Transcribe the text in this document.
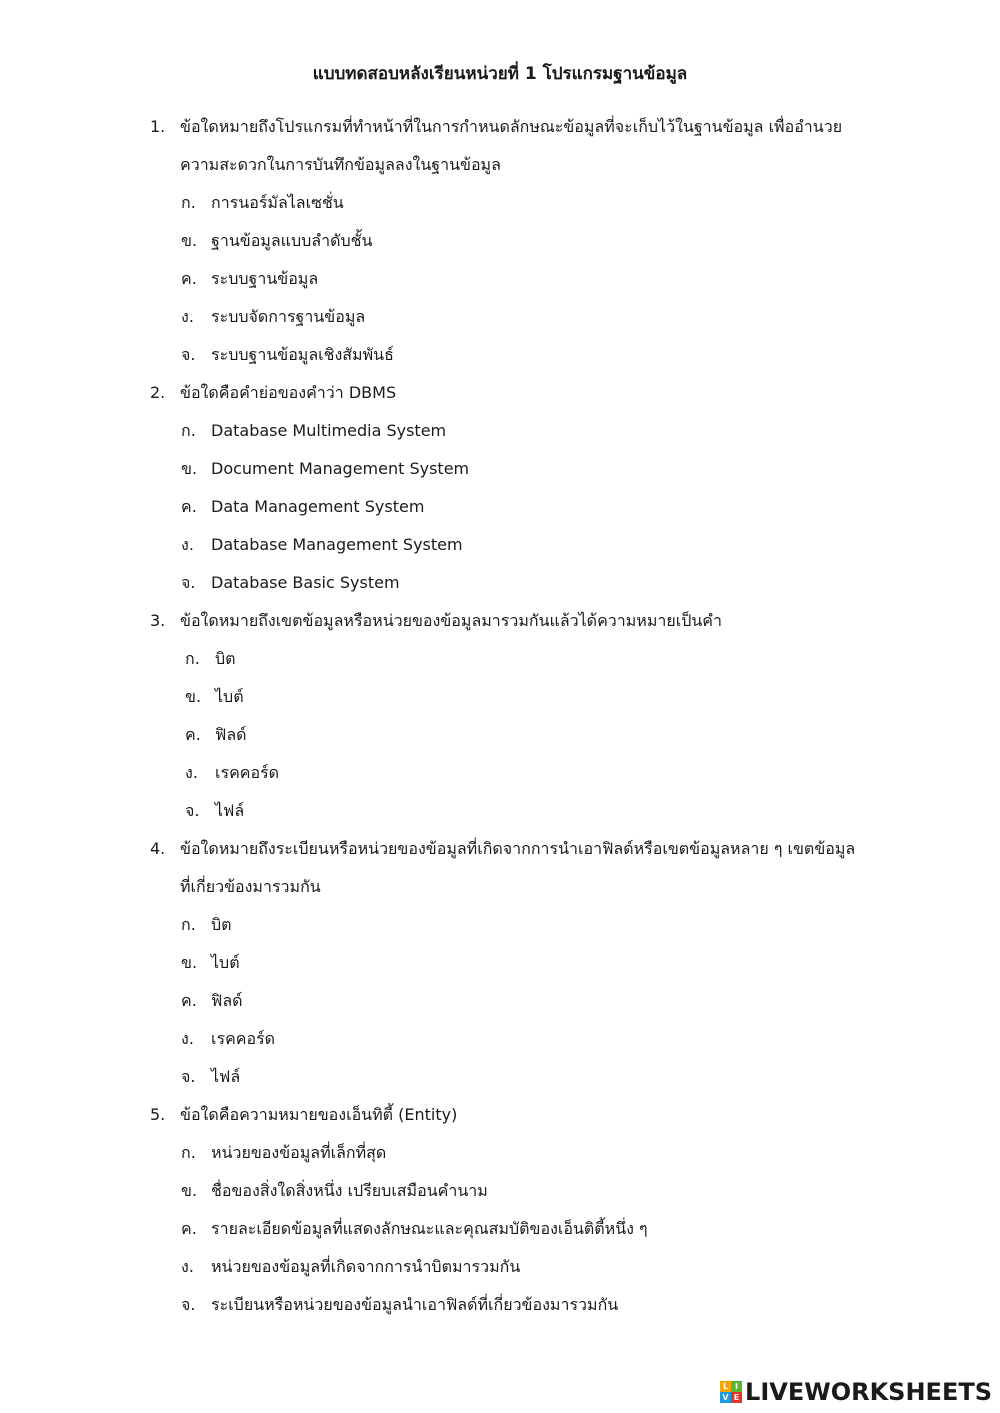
แบบทดสอบหลังเรียนหน่วยที่ 1 โปรแกรมฐานข้อมูล
1. ข้อใดหมายถึงโปรแกรมที่ทำหน้าที่ในการกำหนดลักษณะข้อมูลที่จะเก็บไว้ในฐานข้อมูล เพื่ออำนวย
ความสะดวกในการบันทึกข้อมูลลงในฐานข้อมูล
ก. การนอร์มัลไลเซชั่น
ข. ฐานข้อมูลแบบลำดับชั้น
ค. ระบบฐานข้อมูล
ง.	ระบบจัดการฐานข้อมูล
จ. ระบบฐานข้อมูลเชิงสัมพันธ์
2. ข้อใดคือคำย่อของคำว่า DBMS
ก. Database Multimedia System
ข. Document Management System
ค. Data Management System
ง.	Database Management System
จ. Database Basic System
3. ข้อใดหมายถึงเขตข้อมูลหรือหน่วยของข้อมูลมารวมกันแล้วได้ความหมายเป็นคำ
ก. บิต
ข. ไบต์
ค. ฟิลด์
ง.	เรคคอร์ด
จ. ไฟล์
4. ข้อใดหมายถึงระเบียนหรือหน่วยของข้อมูลที่เกิดจากการนำเอาฟิลด์หรือเขตข้อมูลหลาย ๆ เขตข้อมูล
ที่เกี่ยวข้องมารวมกัน
ก. บิต
ข. ไบต์
ค. ฟิลด์
ง.	เรคคอร์ด
จ. ไฟล์
5. ข้อใดคือความหมายของเอ็นทิตี้ (Entity)
ก. หน่วยของข้อมูลที่เล็กที่สุด
ข. ชื่อของสิ่งใดสิ่งหนึ่ง เปรียบเสมือนคำนาม
ค. รายละเอียดข้อมูลที่แสดงลักษณะและคุณสมบัติของเอ็นติตี้หนึ่ง ๆ
ง.	หน่วยของข้อมูลที่เกิดจากการนำบิตมารวมกัน
จ. ระเบียนหรือหน่วยของข้อมูลนำเอาฟิลด์ที่เกี่ยวข้องมารวมกัน
L I
V E LIVEWORKSHEETS
